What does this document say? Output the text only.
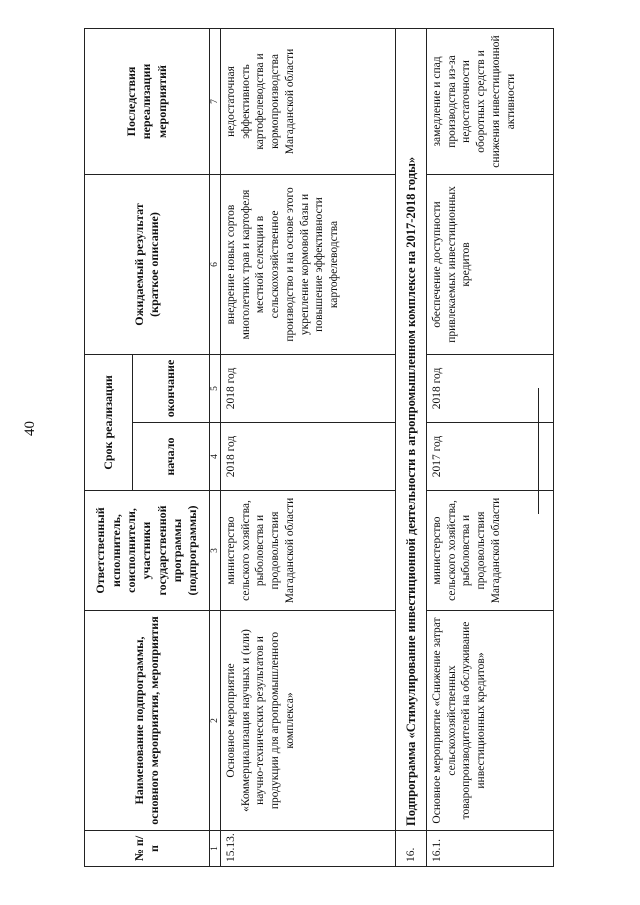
40
№ п/п	Наименование подпрограммы, основного мероприятия, мероприятия	Ответственный исполнитель, соисполнители, участники государственной программы (подпрограммы)	Срок реализации		Ожидаемый результат (краткое описание)	Последствия нереализации мероприятий
			начало	окончание		
1	2	3	4	5	6	7
15.13.	Основное мероприятие «Коммерциализация научных и (или) научно-технических результатов и продукции для агропромышленного комплекса»	министерство сельского хозяйства, рыболовства и продовольствия Магаданской области	2018 год	2018 год	внедрение новых сортов многолетних трав и картофеля местной селекции в сельскохозяйственное производство и на основе этого укрепление кормовой базы и повышение эффективности картофелеводства	недостаточная эффективность картофелеводства и кормопроизводства Магаданской области
16.	Подпрограмма «Стимулирование инвестиционной деятельности в агропромышленном комплексе на 2017-2018 годы»					
16.1.	Основное мероприятие «Снижение затрат сельскохозяйственных товаропроизводителей на обслуживание инвестиционных кредитов»	министерство сельского хозяйства, рыболовства и продовольствия Магаданской области	2017 год	2018 год	обеспечение доступности привлекаемых инвестиционных кредитов	замедление и спад производства из-за недостаточности оборотных средств и снижения инвестиционной активности
